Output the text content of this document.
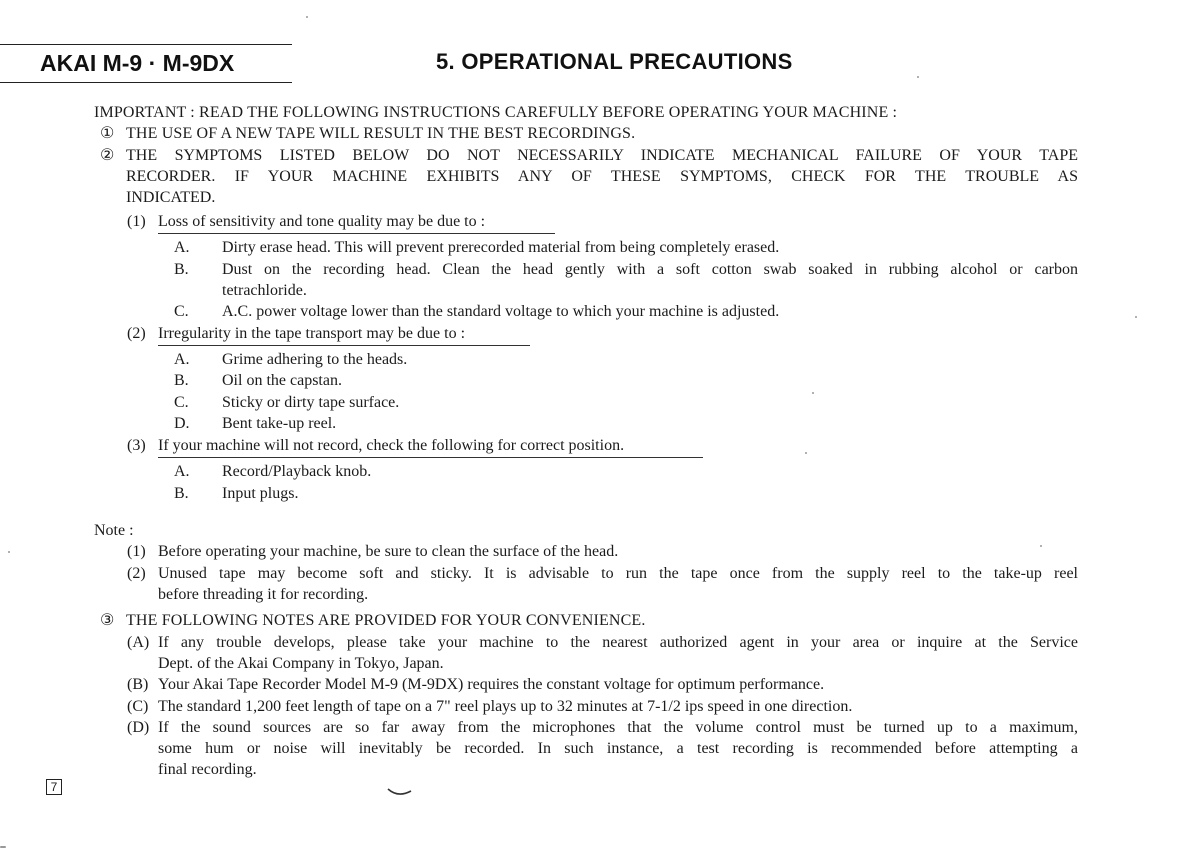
AKAI M-9 · M-9DX	5. OPERATIONAL PRECAUTIONS
IMPORTANT : READ THE FOLLOWING INSTRUCTIONS CAREFULLY BEFORE OPERATING YOUR MACHINE :
① THE USE OF A NEW TAPE WILL RESULT IN THE BEST RECORDINGS.
② THE SYMPTOMS LISTED BELOW DO NOT NECESSARILY INDICATE MECHANICAL FAILURE OF YOUR TAPE
RECORDER. IF YOUR MACHINE EXHIBITS ANY OF THESE SYMPTOMS, CHECK FOR THE TROUBLE AS
INDICATED.
(1) Loss of sensitivity and tone quality may be due to :
A. Dirty erase head. This will prevent prerecorded material from being completely erased.
B. Dust on the recording head. Clean the head gently with a soft cotton swab soaked in rubbing alcohol or carbon
tetrachloride.
C. A.C. power voltage lower than the standard voltage to which your machine is adjusted.
(2) Irregularity in the tape transport may be due to :
A. Grime adhering to the heads.
B. Oil on the capstan.
C. Sticky or dirty tape surface.
D. Bent take-up reel.
(3) If your machine will not record, check the following for correct position.
A. Record/Playback knob.
B. Input plugs.
Note :
(1) Before operating your machine, be sure to clean the surface of the head.
(2) Unused tape may become soft and sticky. It is advisable to run the tape once from the supply reel to the take-up reel
before threading it for recording.
③ THE FOLLOWING NOTES ARE PROVIDED FOR YOUR CONVENIENCE.
(A) If any trouble develops, please take your machine to the nearest authorized agent in your area or inquire at the Service
Dept. of the Akai Company in Tokyo, Japan.
(B) Your Akai Tape Recorder Model M-9 (M-9DX) requires the constant voltage for optimum performance.
(C) The standard 1,200 feet length of tape on a 7" reel plays up to 32 minutes at 7-1/2 ips speed in one direction.
(D) If the sound sources are so far away from the microphones that the volume control must be turned up to a maximum,
some hum or noise will inevitably be recorded. In such instance, a test recording is recommended before attempting a
final recording.
7
